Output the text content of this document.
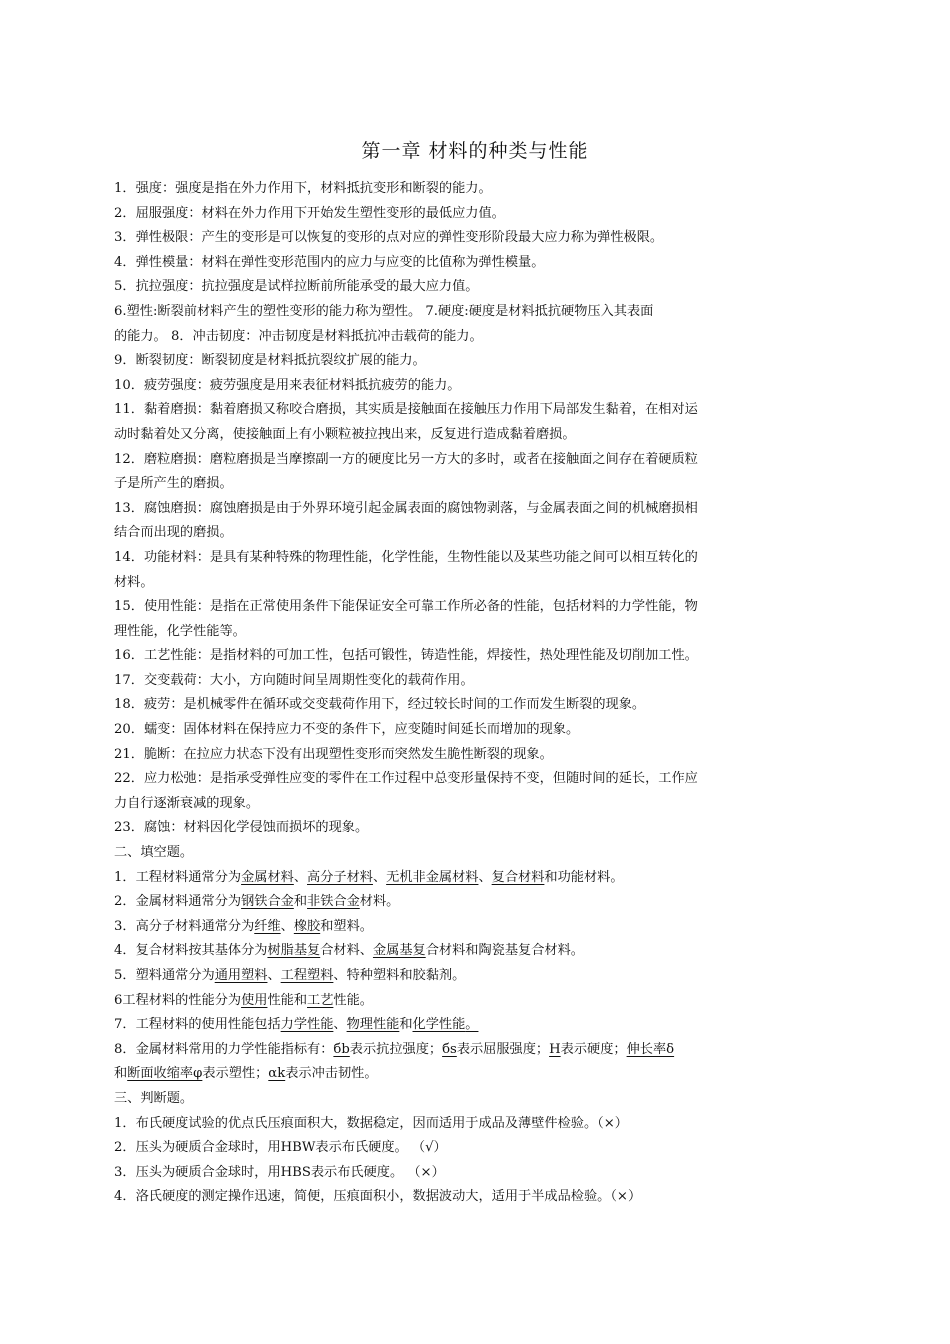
第一章 材料的种类与性能
1．强度：强度是指在外力作用下，材料抵抗变形和断裂的能力。
2．屈服强度：材料在外力作用下开始发生塑性变形的最低应力值。
3．弹性极限：产生的变形是可以恢复的变形的点对应的弹性变形阶段最大应力称为弹性极限。
4．弹性模量：材料在弹性变形范围内的应力与应变的比值称为弹性模量。
5．抗拉强度：抗拉强度是试样拉断前所能承受的最大应力值。
6.塑性:断裂前材料产生的塑性变形的能力称为塑性。 7.硬度:硬度是材料抵抗硬物压入其表面
的能力。 8．冲击韧度：冲击韧度是材料抵抗冲击载荷的能力。
9．断裂韧度：断裂韧度是材料抵抗裂纹扩展的能力。
10．疲劳强度：疲劳强度是用来表征材料抵抗疲劳的能力。
11．黏着磨损：黏着磨损又称咬合磨损，其实质是接触面在接触压力作用下局部发生黏着，在相对运
动时黏着处又分离，使接触面上有小颗粒被拉拽出来，反复进行造成黏着磨损。
12．磨粒磨损：磨粒磨损是当摩擦副一方的硬度比另一方大的多时，或者在接触面之间存在着硬质粒
子是所产生的磨损。
13．腐蚀磨损：腐蚀磨损是由于外界环境引起金属表面的腐蚀物剥落，与金属表面之间的机械磨损相
结合而出现的磨损。
14．功能材料：是具有某种特殊的物理性能，化学性能，生物性能以及某些功能之间可以相互转化的
材料。
15．使用性能：是指在正常使用条件下能保证安全可靠工作所必备的性能，包括材料的力学性能，物
理性能，化学性能等。
16．工艺性能：是指材料的可加工性，包括可锻性，铸造性能，焊接性，热处理性能及切削加工性。
17．交变载荷：大小，方向随时间呈周期性变化的载荷作用。
18．疲劳：是机械零件在循环或交变载荷作用下，经过较长时间的工作而发生断裂的现象。
20．蠕变：固体材料在保持应力不变的条件下，应变随时间延长而增加的现象。
21．脆断：在拉应力状态下没有出现塑性变形而突然发生脆性断裂的现象。
22．应力松弛：是指承受弹性应变的零件在工作过程中总变形量保持不变，但随时间的延长，工作应
力自行逐渐衰减的现象。
23．腐蚀：材料因化学侵蚀而损坏的现象。
二、填空题。
1．工程材料通常分为金属材料、高分子材料、无机非金属材料、复合材料和功能材料。
2．金属材料通常分为钢铁合金和非铁合金材料。
3．高分子材料通常分为纤维、橡胶和塑料。
4．复合材料按其基体分为树脂基复合材料、金属基复合材料和陶瓷基复合材料。
5．塑料通常分为通用塑料、工程塑料、特种塑料和胶黏剂。
6工程材料的性能分为使用性能和工艺性能。
7．工程材料的使用性能包括力学性能、物理性能和化学性能。
8．金属材料常用的力学性能指标有：бb表示抗拉强度；бs表示屈服强度；H表示硬度；伸长率δ
和断面收缩率φ表示塑性；αk表示冲击韧性。
三、判断题。
1．布氏硬度试验的优点氏压痕面积大，数据稳定，因而适用于成品及薄壁件检验。（×）
2．压头为硬质合金球时，用HBW表示布氏硬度。 （√）
3．压头为硬质合金球时，用HBS表示布氏硬度。 （×）
4．洛氏硬度的测定操作迅速，简便，压痕面积小，数据波动大，适用于半成品检验。（×）
